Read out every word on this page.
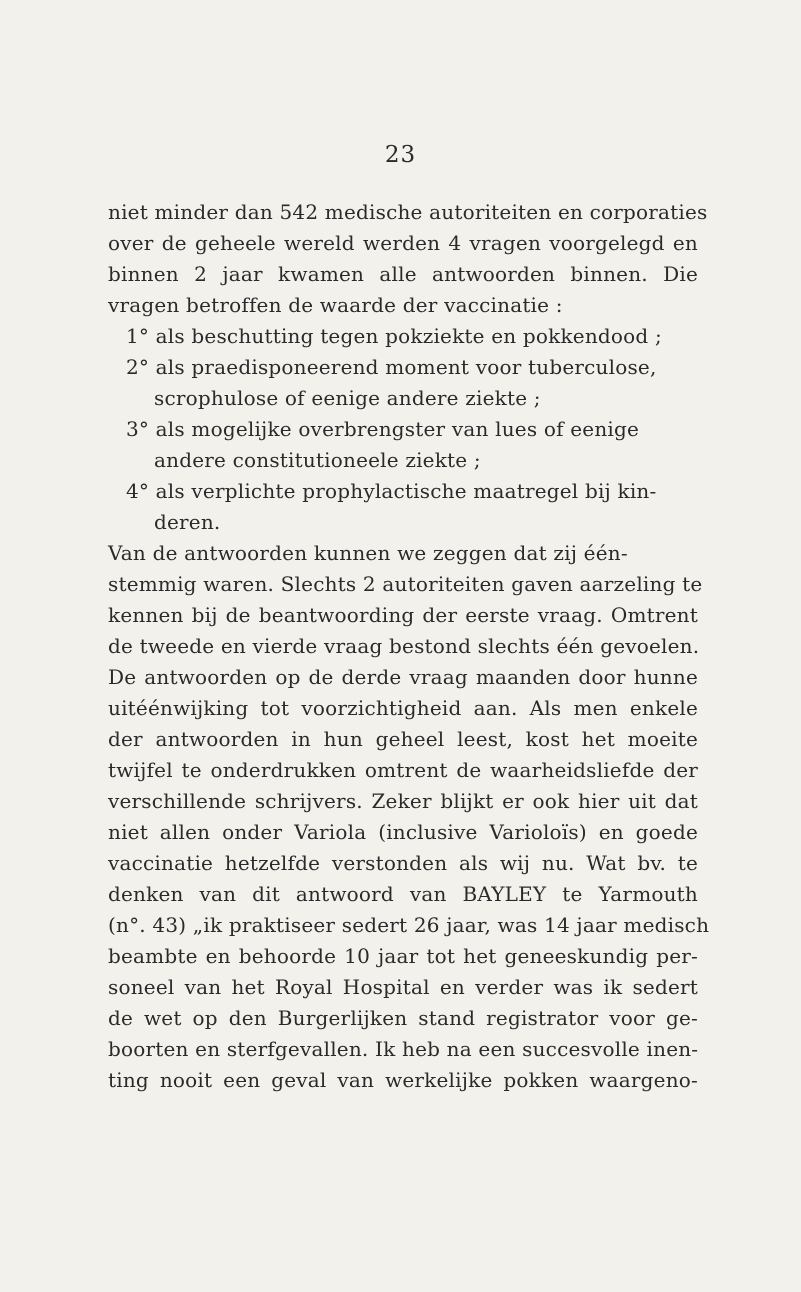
23
niet minder dan 542 medische autoriteiten en corporaties
over de geheele wereld werden 4 vragen voorgelegd en
binnen 2 jaar kwamen alle antwoorden binnen. Die
vragen betroffen de waarde der vaccinatie :
1° als beschutting tegen pokziekte en pokkendood ;
2° als praedisponeerend moment voor tuberculose,
scrophulose of eenige andere ziekte ;
3° als mogelijke overbrengster van lues of eenige
andere constitutioneele ziekte ;
4° als verplichte prophylactische maatregel bij kin-
deren.
Van de antwoorden kunnen we zeggen dat zij één-
stemmig waren. Slechts 2 autoriteiten gaven aarzeling te
kennen bij de beantwoording der eerste vraag. Omtrent
de tweede en vierde vraag bestond slechts één gevoelen.
De antwoorden op de derde vraag maanden door hunne
uitéénwijking tot voorzichtigheid aan. Als men enkele
der antwoorden in hun geheel leest, kost het moeite
twijfel te onderdrukken omtrent de waarheidsliefde der
verschillende schrijvers. Zeker blijkt er ook hier uit dat
niet allen onder Variola (inclusive Varioloïs) en goede
vaccinatie hetzelfde verstonden als wij nu. Wat bv. te
denken van dit antwoord van BAYLEY te Yarmouth
(n°. 43) „ik praktiseer sedert 26 jaar, was 14 jaar medisch
beambte en behoorde 10 jaar tot het geneeskundig per-
soneel van het Royal Hospital en verder was ik sedert
de wet op den Burgerlijken stand registrator voor ge-
boorten en sterfgevallen. Ik heb na een succesvolle inen-
ting nooit een geval van werkelijke pokken waargeno-
